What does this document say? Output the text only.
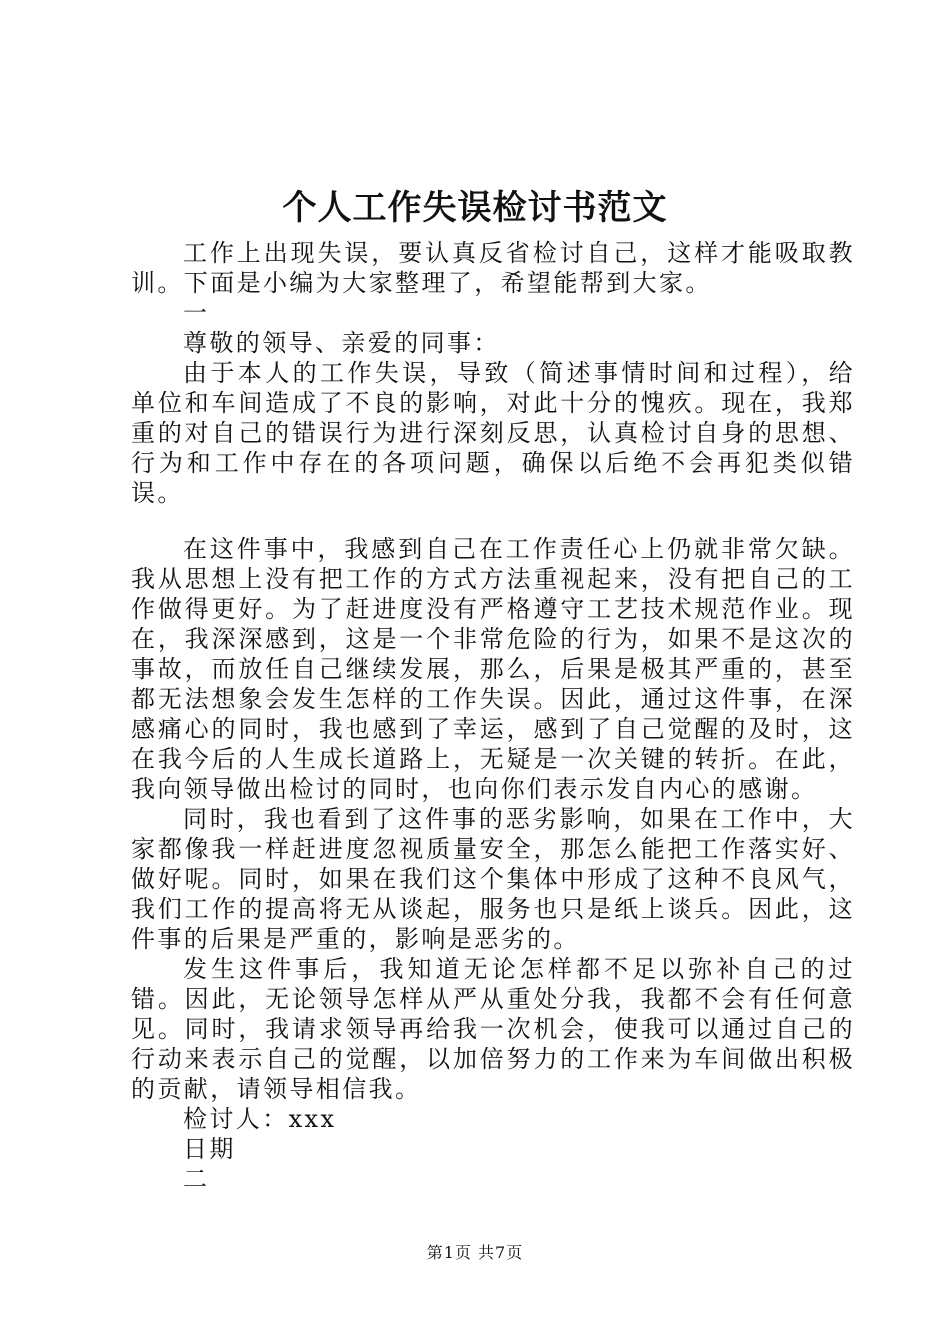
个人工作失误检讨书范文

工作上出现失误，要认真反省检讨自己，这样才能吸取教训。下面是小编为大家整理了，希望能帮到大家。

一

尊敬的领导、亲爱的同事：

由于本人的工作失误，导致（简述事情时间和过程），给单位和车间造成了不良的影响，对此十分的愧疚。现在，我郑重的对自己的错误行为进行深刻反思，认真检讨自身的思想、行为和工作中存在的各项问题，确保以后绝不会再犯类似错误。

在这件事中，我感到自己在工作责任心上仍就非常欠缺。我从思想上没有把工作的方式方法重视起来，没有把自己的工作做得更好。为了赶进度没有严格遵守工艺技术规范作业。现在，我深深感到，这是一个非常危险的行为，如果不是这次的事故，而放任自己继续发展，那么，后果是极其严重的，甚至都无法想象会发生怎样的工作失误。因此，通过这件事，在深感痛心的同时，我也感到了幸运，感到了自己觉醒的及时，这在我今后的人生成长道路上，无疑是一次关键的转折。在此，我向领导做出检讨的同时，也向你们表示发自内心的感谢。

同时，我也看到了这件事的恶劣影响，如果在工作中，大家都像我一样赶进度忽视质量安全，那怎么能把工作落实好、做好呢。同时，如果在我们这个集体中形成了这种不良风气，我们工作的提高将无从谈起，服务也只是纸上谈兵。因此，这件事的后果是严重的，影响是恶劣的。

发生这件事后，我知道无论怎样都不足以弥补自己的过错。因此，无论领导怎样从严从重处分我，我都不会有任何意见。同时，我请求领导再给我一次机会，使我可以通过自己的行动来表示自己的觉醒，以加倍努力的工作来为车间做出积极的贡献，请领导相信我。

检讨人：xxx

日期

二

第1页 共7页
